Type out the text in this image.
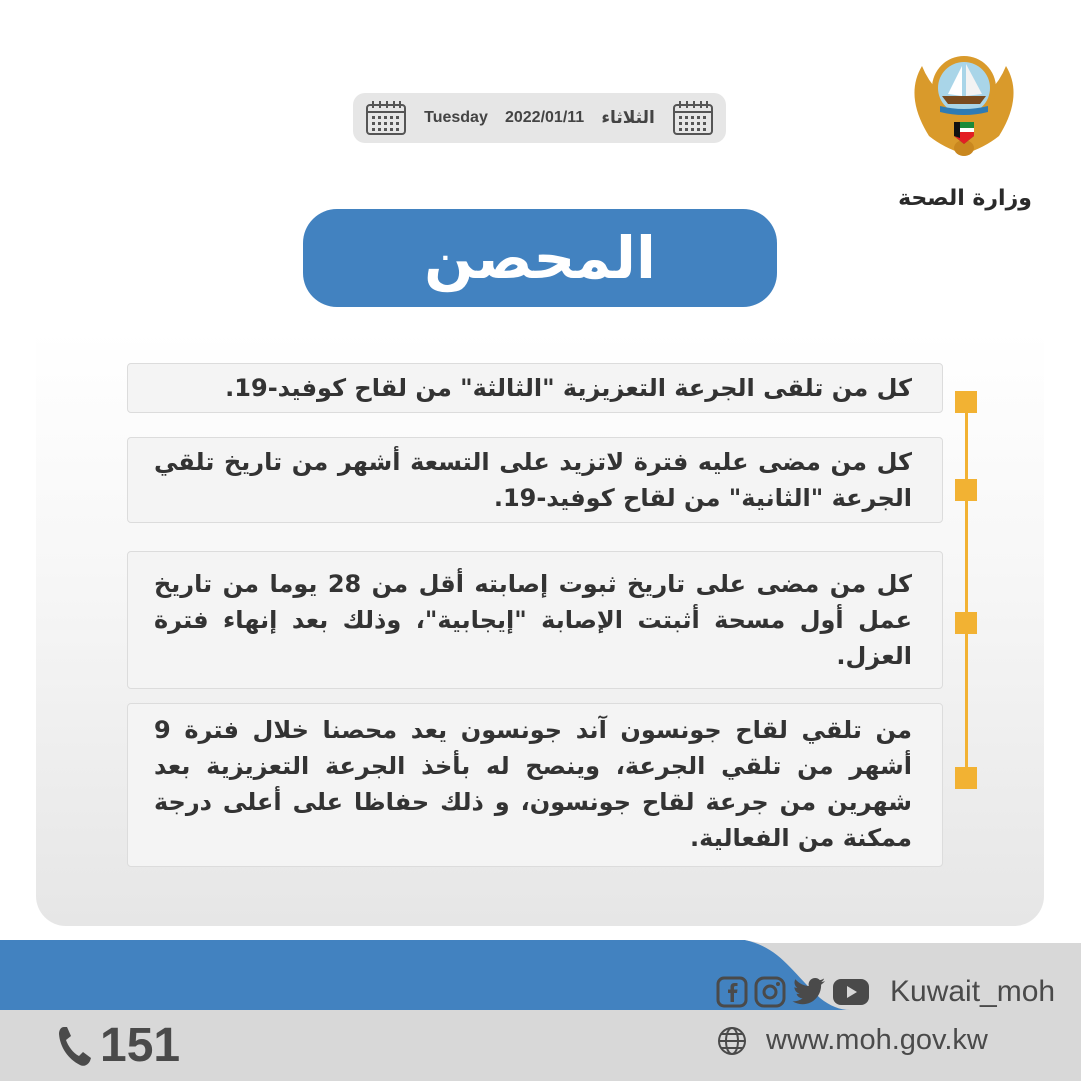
وزارة الصحة
Tuesday 2022/01/11 الثلاثاء
المحصن
كل من تلقى الجرعة التعزيزية "الثالثة" من لقاح كوفيد-19.
كل من مضى عليه فترة لاتزيد على التسعة أشهر من تاريخ تلقي الجرعة "الثانية" من لقاح كوفيد-19.
كل من مضى على تاريخ ثبوت إصابته أقل من 28 يوما من تاريخ عمل أول مسحة أثبتت الإصابة "إيجابية"، وذلك بعد إنهاء فترة العزل.
من تلقي لقاح جونسون آند جونسون يعد محصنا خلال فترة 9 أشهر من تلقي الجرعة، وينصح له بأخذ الجرعة التعزيزية بعد شهرين من جرعة لقاح جونسون، و ذلك حفاظا على أعلى درجة ممكنة من الفعالية.
151
Kuwait_moh
www.moh.gov.kw
